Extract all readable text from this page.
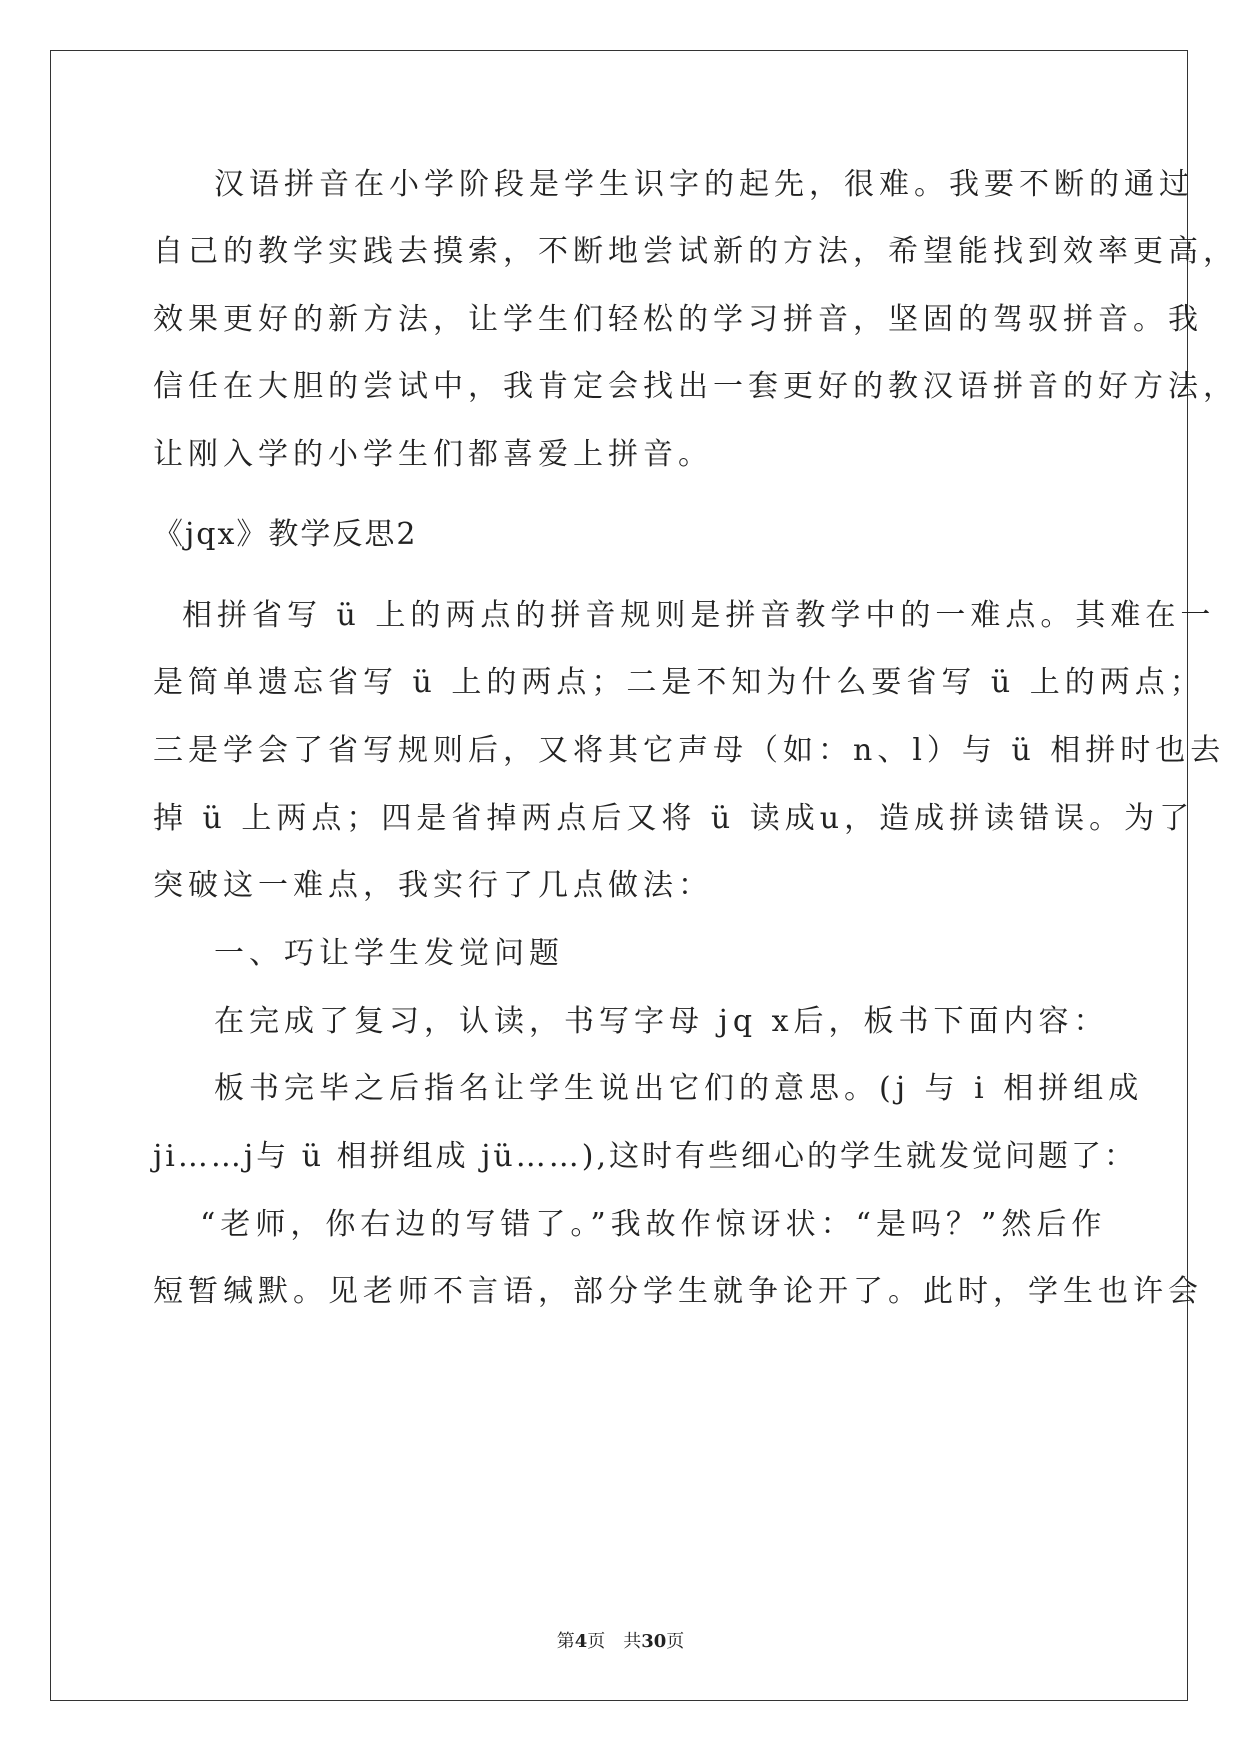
汉语拼音在小学阶段是学生识字的起先，很难。我要不断的通过
自己的教学实践去摸索，不断地尝试新的方法，希望能找到效率更高，
效果更好的新方法，让学生们轻松的学习拼音，坚固的驾驭拼音。我
信任在大胆的尝试中，我肯定会找出一套更好的教汉语拼音的好方法，
让刚入学的小学生们都喜爱上拼音。
《jqx》教学反思2
相拼省写 ü 上的两点的拼音规则是拼音教学中的一难点。其难在一
是简单遗忘省写 ü 上的两点；二是不知为什么要省写 ü 上的两点；
三是学会了省写规则后，又将其它声母（如：n、l）与 ü 相拼时也去
掉 ü 上两点；四是省掉两点后又将 ü 读成u，造成拼读错误。为了
突破这一难点，我实行了几点做法：
一、巧让学生发觉问题
在完成了复习，认读，书写字母 jq x后，板书下面内容：
板书完毕之后指名让学生说出它们的意思。(j 与 i 相拼组成
ji……j与 ü 相拼组成 jü……),这时有些细心的学生就发觉问题了：
“老师，你右边的写错了。”我故作惊讶状：“是吗？”然后作
短暂缄默。见老师不言语，部分学生就争论开了。此时，学生也许会
第4页 共30页
